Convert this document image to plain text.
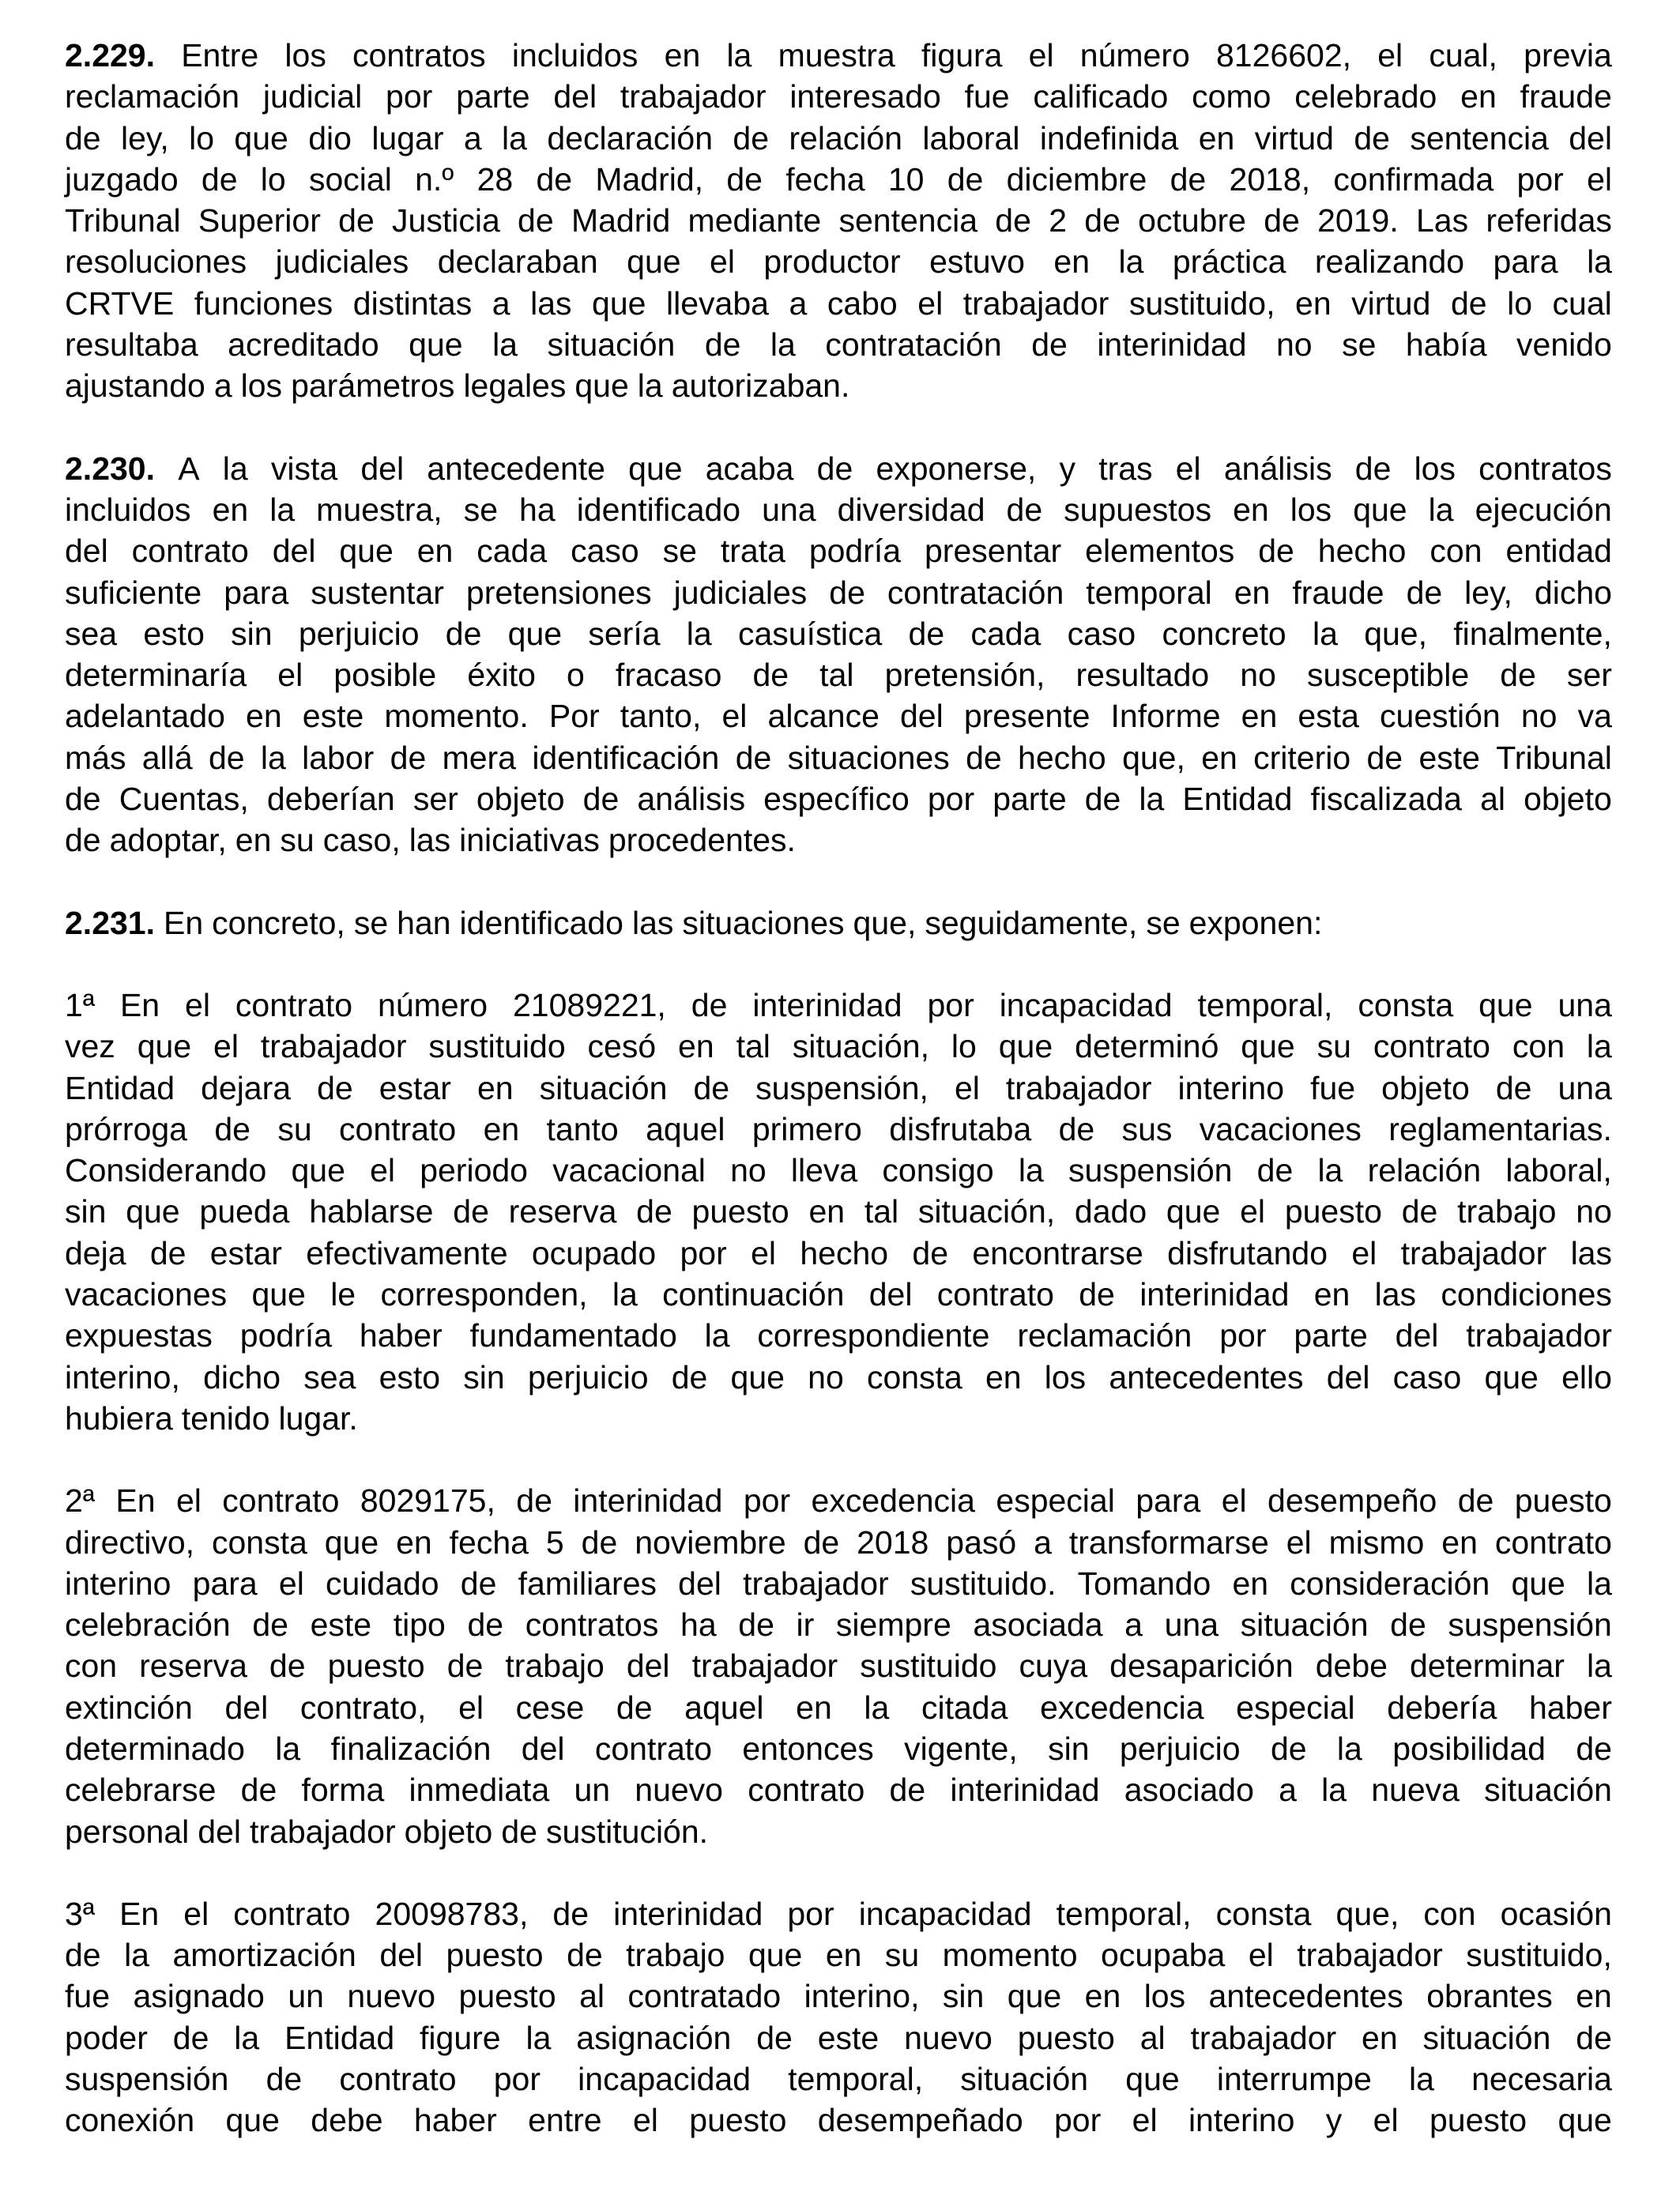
2.229. Entre los contratos incluidos en la muestra figura el número 8126602, el cual, previa
reclamación judicial por parte del trabajador interesado fue calificado como celebrado en fraude
de ley, lo que dio lugar a la declaración de relación laboral indefinida en virtud de sentencia del
juzgado de lo social n.º 28 de Madrid, de fecha 10 de diciembre de 2018, confirmada por el
Tribunal Superior de Justicia de Madrid mediante sentencia de 2 de octubre de 2019. Las referidas
resoluciones judiciales declaraban que el productor estuvo en la práctica realizando para la
CRTVE funciones distintas a las que llevaba a cabo el trabajador sustituido, en virtud de lo cual
resultaba acreditado que la situación de la contratación de interinidad no se había venido
ajustando a los parámetros legales que la autorizaban.
2.230. A la vista del antecedente que acaba de exponerse, y tras el análisis de los contratos
incluidos en la muestra, se ha identificado una diversidad de supuestos en los que la ejecución
del contrato del que en cada caso se trata podría presentar elementos de hecho con entidad
suficiente para sustentar pretensiones judiciales de contratación temporal en fraude de ley, dicho
sea esto sin perjuicio de que sería la casuística de cada caso concreto la que, finalmente,
determinaría el posible éxito o fracaso de tal pretensión, resultado no susceptible de ser
adelantado en este momento. Por tanto, el alcance del presente Informe en esta cuestión no va
más allá de la labor de mera identificación de situaciones de hecho que, en criterio de este Tribunal
de Cuentas, deberían ser objeto de análisis específico por parte de la Entidad fiscalizada al objeto
de adoptar, en su caso, las iniciativas procedentes.
2.231. En concreto, se han identificado las situaciones que, seguidamente, se exponen:
1ª En el contrato número 21089221, de interinidad por incapacidad temporal, consta que una
vez que el trabajador sustituido cesó en tal situación, lo que determinó que su contrato con la
Entidad dejara de estar en situación de suspensión, el trabajador interino fue objeto de una
prórroga de su contrato en tanto aquel primero disfrutaba de sus vacaciones reglamentarias.
Considerando que el periodo vacacional no lleva consigo la suspensión de la relación laboral,
sin que pueda hablarse de reserva de puesto en tal situación, dado que el puesto de trabajo no
deja de estar efectivamente ocupado por el hecho de encontrarse disfrutando el trabajador las
vacaciones que le corresponden, la continuación del contrato de interinidad en las condiciones
expuestas podría haber fundamentado la correspondiente reclamación por parte del trabajador
interino, dicho sea esto sin perjuicio de que no consta en los antecedentes del caso que ello
hubiera tenido lugar.
2ª En el contrato 8029175, de interinidad por excedencia especial para el desempeño de puesto
directivo, consta que en fecha 5 de noviembre de 2018 pasó a transformarse el mismo en contrato
interino para el cuidado de familiares del trabajador sustituido. Tomando en consideración que la
celebración de este tipo de contratos ha de ir siempre asociada a una situación de suspensión
con reserva de puesto de trabajo del trabajador sustituido cuya desaparición debe determinar la
extinción del contrato, el cese de aquel en la citada excedencia especial debería haber
determinado la finalización del contrato entonces vigente, sin perjuicio de la posibilidad de
celebrarse de forma inmediata un nuevo contrato de interinidad asociado a la nueva situación
personal del trabajador objeto de sustitución.
3ª En el contrato 20098783, de interinidad por incapacidad temporal, consta que, con ocasión
de la amortización del puesto de trabajo que en su momento ocupaba el trabajador sustituido,
fue asignado un nuevo puesto al contratado interino, sin que en los antecedentes obrantes en
poder de la Entidad figure la asignación de este nuevo puesto al trabajador en situación de
suspensión de contrato por incapacidad temporal, situación que interrumpe la necesaria
conexión que debe haber entre el puesto desempeñado por el interino y el puesto que
